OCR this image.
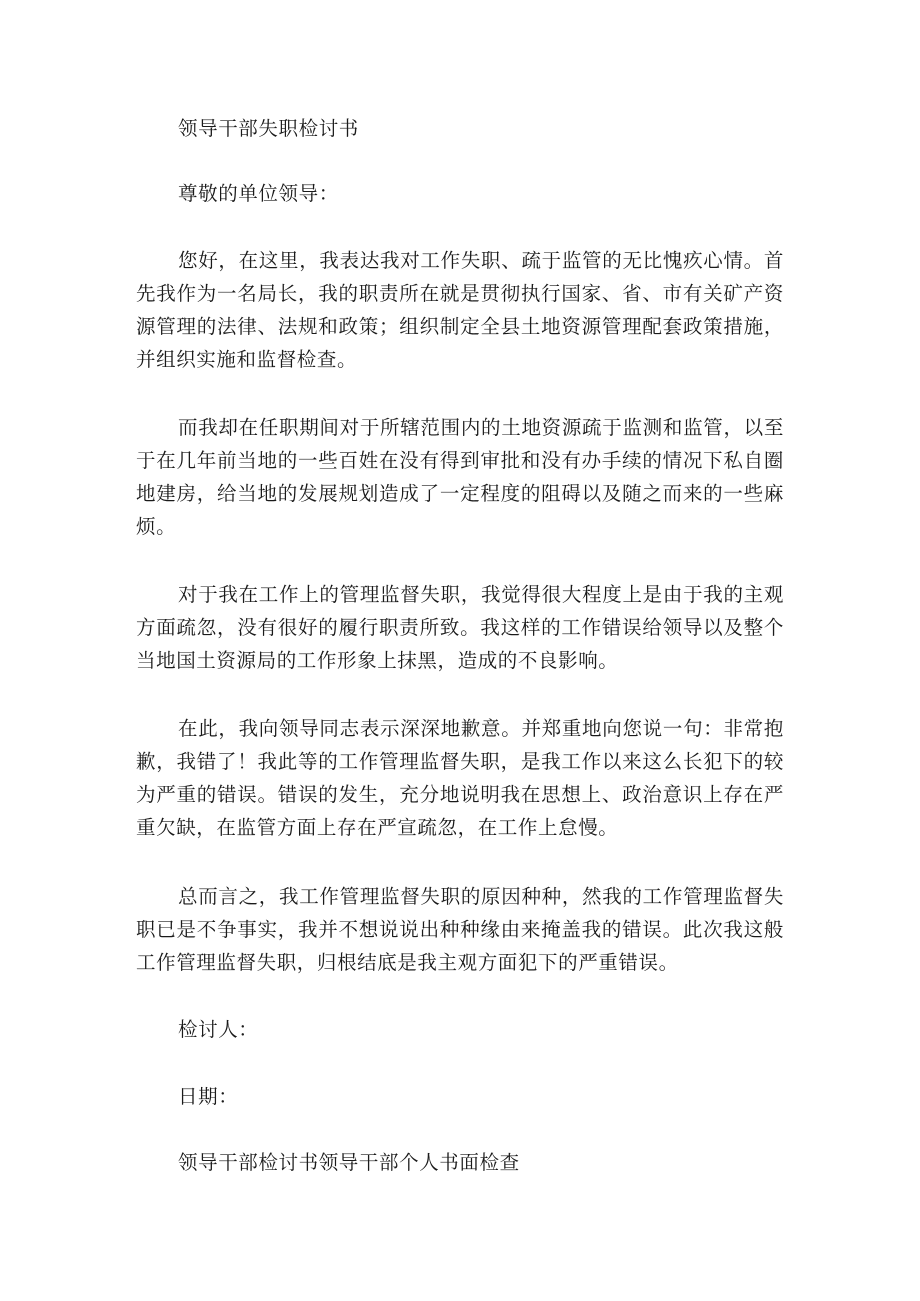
领导干部失职检讨书

尊敬的单位领导：

您好，在这里，我表达我对工作失职、疏于监管的无比愧疚心情。首先我作为一名局长，我的职责所在就是贯彻执行国家、省、市有关矿产资源管理的法律、法规和政策；组织制定全县土地资源管理配套政策措施，并组织实施和监督检查。

而我却在任职期间对于所辖范围内的土地资源疏于监测和监管，以至于在几年前当地的一些百姓在没有得到审批和没有办手续的情况下私自圈地建房，给当地的发展规划造成了一定程度的阻碍以及随之而来的一些麻烦。

对于我在工作上的管理监督失职，我觉得很大程度上是由于我的主观方面疏忽，没有很好的履行职责所致。我这样的工作错误给领导以及整个当地国土资源局的工作形象上抹黑，造成的不良影响。

在此，我向领导同志表示深深地歉意。并郑重地向您说一句：非常抱歉，我错了！我此等的工作管理监督失职，是我工作以来这么长犯下的较为严重的错误。错误的发生，充分地说明我在思想上、政治意识上存在严重欠缺，在监管方面上存在严宣疏忽，在工作上怠慢。

总而言之，我工作管理监督失职的原因种种，然我的工作管理监督失职已是不争事实，我并不想说说出种种缘由来掩盖我的错误。此次我这般工作管理监督失职，归根结底是我主观方面犯下的严重错误。

检讨人：

日期：

领导干部检讨书领导干部个人书面检查
